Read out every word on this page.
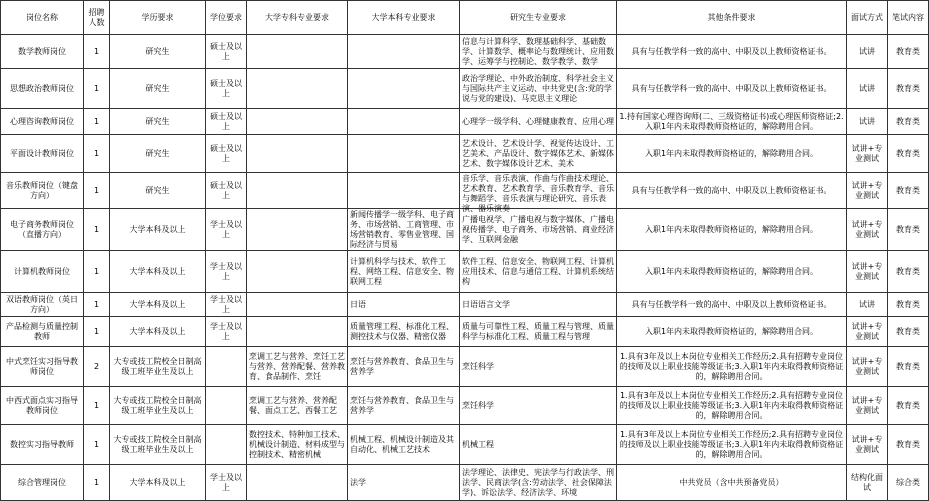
岗位名称	招聘人数	学历要求	学位要求	大学专科专业要求	大学本科专业要求	研究生专业要求	其他条件要求	面试方式	笔试内容

数学教师岗位	1	研究生	硕士及以上			信息与计算科学、数理基础科学、基础数学、计算数学、概率论与数理统计、应用数学、运筹学与控制论、数学教学、数学	具有与任教学科一致的高中、中职及以上教师资格证书。	试讲	教育类

思想政治教师岗位	1	研究生	硕士及以上			政治学理论、中外政治制度、科学社会主义与国际共产主义运动、中共党史(含:党的学说与党的建设)、马克思主义理论	具有与任教学科一致的高中、中职及以上教师资格证书。	试讲	教育类

心理咨询教师岗位	1	研究生	硕士及以上			心理学一级学科、心理健康教育、应用心理	1.持有国家心理咨询师(二、三级资格证书)或心理医师资格证;2.入职1年内未取得教师资格证的，解除聘用合同。	试讲	教育类

平面设计教师岗位	1	研究生	硕士及以上			艺术设计、艺术设计学、视觉传达设计、工艺美术、产品设计、数字媒体艺术、新媒体艺术、数字媒体设计艺术、美术	入职1年内未取得教师资格证的，解除聘用合同。	试讲+专业测试	教育类

音乐教师岗位（键盘方向）	1	研究生	硕士及以上			音乐学、音乐表演、作曲与作曲技术理论、艺术教育、艺术教育学、音乐教育学、音乐与舞蹈学、音乐表演与理论研究、音乐表演、器乐演奏	具有与任教学科一致的高中、中职及以上教师资格证书。	试讲+专业测试	教育类

电子商务教师岗位（直播方向）	1	大学本科及以上	学士及以上		新闻传播学一级学科、电子商务、市场营销、工商管理、市场营销教育、零售业管理、国际经济与贸易	广播电视学、广播电视与数字媒体、广播电视传播学、电子商务、市场营销、商业经济学、互联网金融	入职1年内未取得教师资格证的，解除聘用合同。	试讲+专业测试	教育类

计算机教师岗位	1	大学本科及以上	学士及以上		计算机科学与技术、软件工程、网络工程、信息安全、物联网工程	软件工程、信息安全、物联网工程、计算机应用技术、信息与通信工程、计算机系统结构	入职1年内未取得教师资格证的，解除聘用合同。	试讲+专业测试	教育类

双语教师岗位（英日方向）	1	大学本科及以上	学士及以上		日语	日语语言文学	具有与任教学科一致的高中、中职及以上教师资格证书。	试讲	教育类

产品检测与质量控制教师	1	大学本科及以上	学士及以上		质量管理工程、标准化工程、测控技术与仪器、精密仪器	质量与可靠性工程、质量工程与管理、质量科学与标准化工程、质量工程与管理	入职1年内未取得教师资格证的，解除聘用合同。	试讲+专业测试	教育类

中式烹饪实习指导教师岗位	2	大专或技工院校全日制高级工班毕业生及以上		烹调工艺与营养、烹饪工艺与营养、营养配餐、营养教育、食品制作、烹饪	烹饪与营养教育、食品卫生与营养学	烹饪科学	1.具有3年及以上本岗位专业相关工作经历;2.具有招聘专业岗位的技师及以上职业技能等级证书;3.入职1年内未取得教师资格证的，解除聘用合同。	试讲+专业测试	教育类

中西式面点实习指导教师岗位	1	大专或技工院校全日制高级工班毕业生及以上		烹调工艺与营养、营养配餐、面点工艺、西餐工艺	烹饪与营养教育、食品卫生与营养学	烹饪科学	1.具有3年及以上本岗位专业相关工作经历;2.具有招聘专业岗位的技师及以上职业技能等级证书;3.入职1年内未取得教师资格证的，解除聘用合同。	试讲+专业测试	教育类

数控实习指导教师	1	大专或技工院校全日制高级工班毕业生及以上		数控技术、特种加工技术、机械设计制造、材料成型与控制技术、精密机械	机械工程、机械设计制造及其自动化、机械工艺技术	机械工程	1.具有3年及以上本岗位专业相关工作经历;2.具有招聘专业岗位的技师及以上职业技能等级证书;3.入职1年内未取得教师资格证的，解除聘用合同。	试讲+专业测试	教育类

综合管理岗位	1	大学本科及以上	学士及以上		法学	法学理论、法律史、宪法学与行政法学、刑法学、民商法学(含:劳动法学、社会保障法学)、诉讼法学、经济法学、环境	中共党员（含中共预备党员）	结构化面试	综合类
